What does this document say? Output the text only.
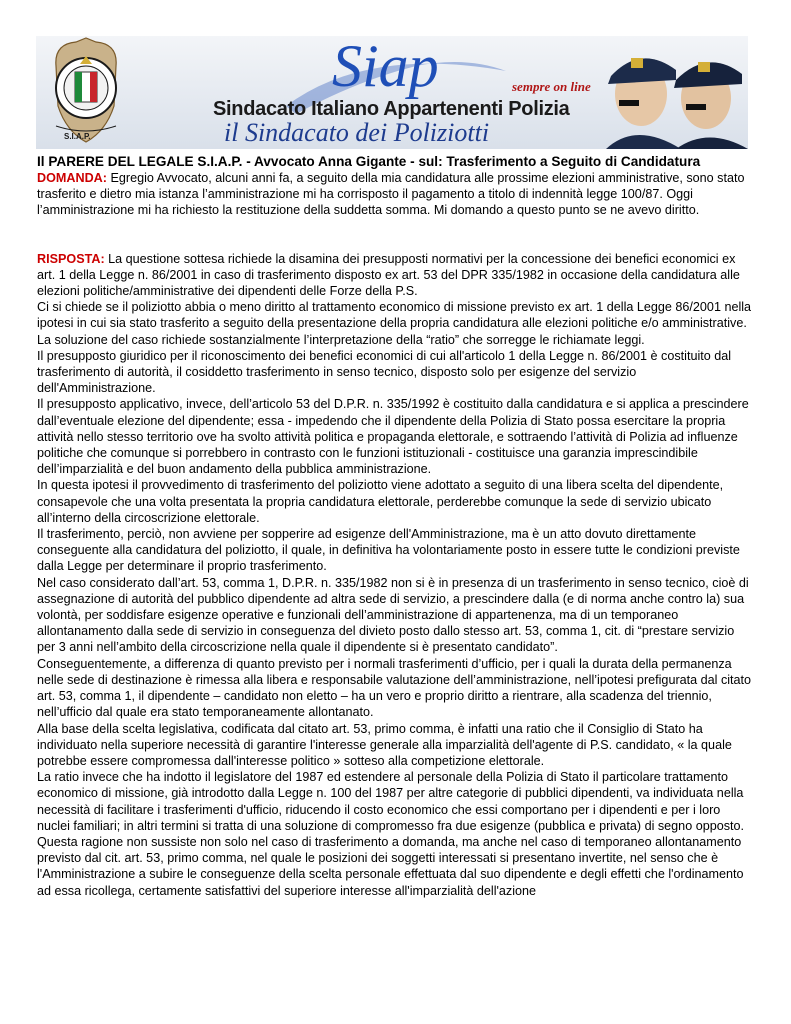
Siap	sempre on line
Sindacato Italiano Appartenenti Polizia
il Sindacato dei Poliziotti
S.I.A.P.
Il PARERE DEL LEGALE S.I.A.P. - Avvocato Anna Gigante - sul: Trasferimento a Seguito di Candidatura

DOMANDA: Egregio Avvocato, alcuni anni fa, a seguito della mia candidatura alle prossime elezioni amministrative, sono stato trasferito e dietro mia istanza l’amministrazione mi ha corrisposto il pagamento a titolo di indennità legge 100/87. Oggi l’amministrazione mi ha richiesto la restituzione della suddetta somma. Mi domando a questo punto se ne avevo diritto.

RISPOSTA: La questione sottesa richiede la disamina dei presupposti normativi per la concessione dei benefici economici ex art. 1 della Legge n. 86/2001 in caso di trasferimento disposto ex art. 53 del DPR 335/1982 in occasione della candidatura alle elezioni politiche/amministrative dei dipendenti delle Forze della P.S.

Ci si chiede se il poliziotto abbia o meno diritto al trattamento economico di missione previsto ex art. 1 della Legge 86/2001 nella ipotesi in cui sia stato trasferito a seguito della presentazione della propria candidatura alle elezioni politiche e/o amministrative.

La soluzione del caso richiede sostanzialmente l’interpretazione della “ratio” che sorregge le richiamate leggi.

Il presupposto giuridico per il riconoscimento dei benefici economici di cui all'articolo 1 della Legge n. 86/2001 è costituito dal trasferimento di autorità, il cosiddetto trasferimento in senso tecnico, disposto solo per esigenze del servizio dell'Amministrazione.

Il presupposto applicativo, invece, dell’articolo 53 del D.P.R. n. 335/1992 è costituito dalla candidatura e si applica a prescindere dall’eventuale elezione del dipendente; essa - impedendo che il dipendente della Polizia di Stato possa esercitare la propria attività nello stesso territorio ove ha svolto attività politica e propaganda elettorale, e sottraendo l’attività di Polizia ad influenze politiche che comunque si porrebbero in contrasto con le funzioni istituzionali - costituisce una garanzia imprescindibile dell’imparzialità e del buon andamento della pubblica amministrazione.

In questa ipotesi il provvedimento di trasferimento del poliziotto viene adottato a seguito di una libera scelta del dipendente, consapevole che una volta presentata la propria candidatura elettorale, perderebbe comunque la sede di servizio ubicato all’interno della circoscrizione elettorale.

Il trasferimento, perciò, non avviene per sopperire ad esigenze dell'Amministrazione, ma è un atto dovuto direttamente conseguente alla candidatura del poliziotto, il quale, in definitiva ha volontariamente posto in essere tutte le condizioni previste dalla Legge per determinare il proprio trasferimento.

Nel caso considerato dall’art. 53, comma 1, D.P.R. n. 335/1982 non si è in presenza di un trasferimento in senso tecnico, cioè di assegnazione di autorità del pubblico dipendente ad altra sede di servizio, a prescindere dalla (e di norma anche contro la) sua volontà, per soddisfare esigenze operative e funzionali dell’amministrazione di appartenenza, ma di un temporaneo allontanamento dalla sede di servizio in conseguenza del divieto posto dallo stesso art. 53, comma 1, cit. di “prestare servizio per 3 anni nell’ambito della circoscrizione nella quale il dipendente si è presentato candidato”.

Conseguentemente, a differenza di quanto previsto per i normali trasferimenti d’ufficio, per i quali la durata della permanenza nelle sede di destinazione è rimessa alla libera e responsabile valutazione dell’amministrazione, nell’ipotesi prefigurata dal citato art. 53, comma 1, il dipendente – candidato non eletto – ha un vero e proprio diritto a rientrare, alla scadenza del triennio, nell’ufficio dal quale era stato temporaneamente allontanato.

Alla base della scelta legislativa, codificata dal citato art. 53, primo comma, è infatti una ratio che il Consiglio di Stato ha individuato nella superiore necessità di garantire l'interesse generale alla imparzialità dell'agente di P.S. candidato, « la quale potrebbe essere compromessa dall'interesse politico » sotteso alla competizione elettorale.

La ratio invece che ha indotto il legislatore del 1987 ed estendere al personale della Polizia di Stato il particolare trattamento economico di missione, già introdotto dalla Legge n. 100 del 1987 per altre categorie di pubblici dipendenti, va individuata nella necessità di facilitare i trasferimenti d'ufficio, riducendo il costo economico che essi comportano per i dipendenti e per i loro nuclei familiari; in altri termini si tratta di una soluzione di compromesso fra due esigenze (pubblica e privata) di segno opposto.

Questa ragione non sussiste non solo nel caso di trasferimento a domanda, ma anche nel caso di temporaneo allontanamento previsto dal cit. art. 53, primo comma, nel quale le posizioni dei soggetti interessati si presentano invertite, nel senso che è l'Amministrazione a subire le conseguenze della scelta personale effettuata dal suo dipendente e degli effetti che l'ordinamento ad essa ricollega, certamente satisfattivi del superiore interesse all'imparzialità dell'azione
